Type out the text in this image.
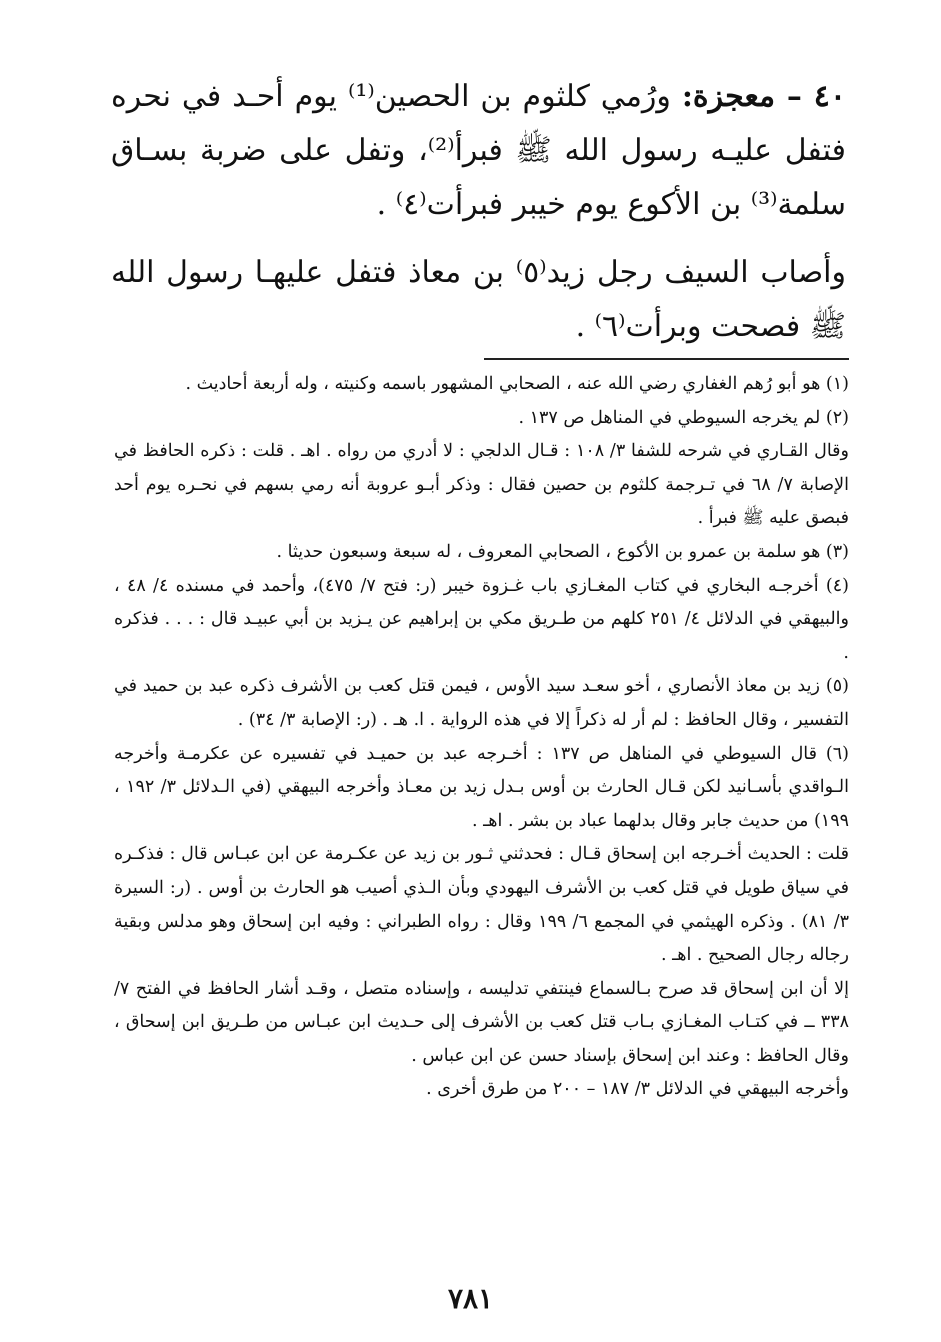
٤٠ – معجزة: ورُمي كلثوم بن الحصين⁽¹⁾ يوم أحـد في نحره فتفل عليـه رسول الله ﷺ فبرأ⁽²⁾، وتفل على ضربة بسـاق سلمة⁽³⁾ بن الأكوع يوم خيبر فبرأت⁽٤⁾ .

وأصاب السيف رجل زيد⁽٥⁾ بن معاذ فتفل عليهـا رسول الله ﷺ فصحت وبرأت⁽٦⁾ .

(١) هو أبو رُهم الغفاري رضي الله عنه ، الصحابي المشهور باسمه وكنيته ، وله أربعة أحاديث .

(٢) لم يخرجه السيوطي في المناهل ص ١٣٧ .

وقال القـاري في شرحه للشفا ٣/ ١٠٨ : قـال الدلجي : لا أدري من رواه . اهـ . قلت : ذكره الحافظ في الإصابة ٧/ ٦٨ في تـرجمة كلثوم بن حصين فقال : وذكر أبـو عروبة أنه رمي بسهم في نحـره يوم أحد فبصق عليه ﷺ فبرأ .

(٣) هو سلمة بن عمرو بن الأكوع ، الصحابي المعروف ، له سبعة وسبعون حديثا .

(٤) أخرجـه البخاري في كتاب المغـازي باب غـزوة خيبر (ر: فتح ٧/ ٤٧٥)، وأحمد في مسنده ٤/ ٤٨ ، والبيهقي في الدلائل ٤/ ٢٥١ كلهم من طـريق مكي بن إبراهيم عن يـزيد بن أبي عبيـد قال : . . . فذكره .

(٥) زيد بن معاذ الأنصاري ، أخو سعـد سيد الأوس ، فيمن قتل كعب بن الأشرف ذكره عبد بن حميد في التفسير ، وقال الحافظ : لم أر له ذكراً إلا في هذه الرواية . ا. هـ . (ر: الإصابة ٣/ ٣٤) .

(٦) قال السيوطي في المناهل ص ١٣٧ : أخـرجه عبد بن حميـد في تفسيره عن عكرمـة وأخرجه الـواقدي بأسـانيد لكن قـال الحارث بن أوس بـدل زيد بن معـاذ وأخرجه البيهقي (في الـدلائل ٣/ ١٩٢ ، ١٩٩) من حديث جابر وقال بدلهما عباد بن بشر . اهـ .

قلت : الحديث أخـرجه ابن إسحاق قـال : فحدثني ثـور بن زيد عن عكـرمة عن ابن عبـاس قال : فذكـره في سياق طويل في قتل كعب بن الأشرف اليهودي وبأن الـذي أصيب هو الحارث بن أوس . (ر: السيرة ٣/ ٨١) . وذكره الهيثمي في المجمع ٦/ ١٩٩ وقال : رواه الطبراني : وفيه ابن إسحاق وهو مدلس وبقية رجاله رجال الصحيح . اهـ .

إلا أن ابن إسحاق قد صرح بـالسماع فينتفي تدليسه ، وإسناده متصل ، وقـد أشار الحافظ في الفتح ٧/ ٣٣٨ ــ في كتـاب المغـازي بـاب قتل كعب بن الأشرف إلى حـديث ابن عبـاس من طـريق ابن إسحاق ، وقال الحافظ : وعند ابن إسحاق بإسناد حسن عن ابن عباس .

وأخرجه البيهقي في الدلائل ٣/ ١٨٧ – ٢٠٠ من طرق أخرى .

٧٨١
